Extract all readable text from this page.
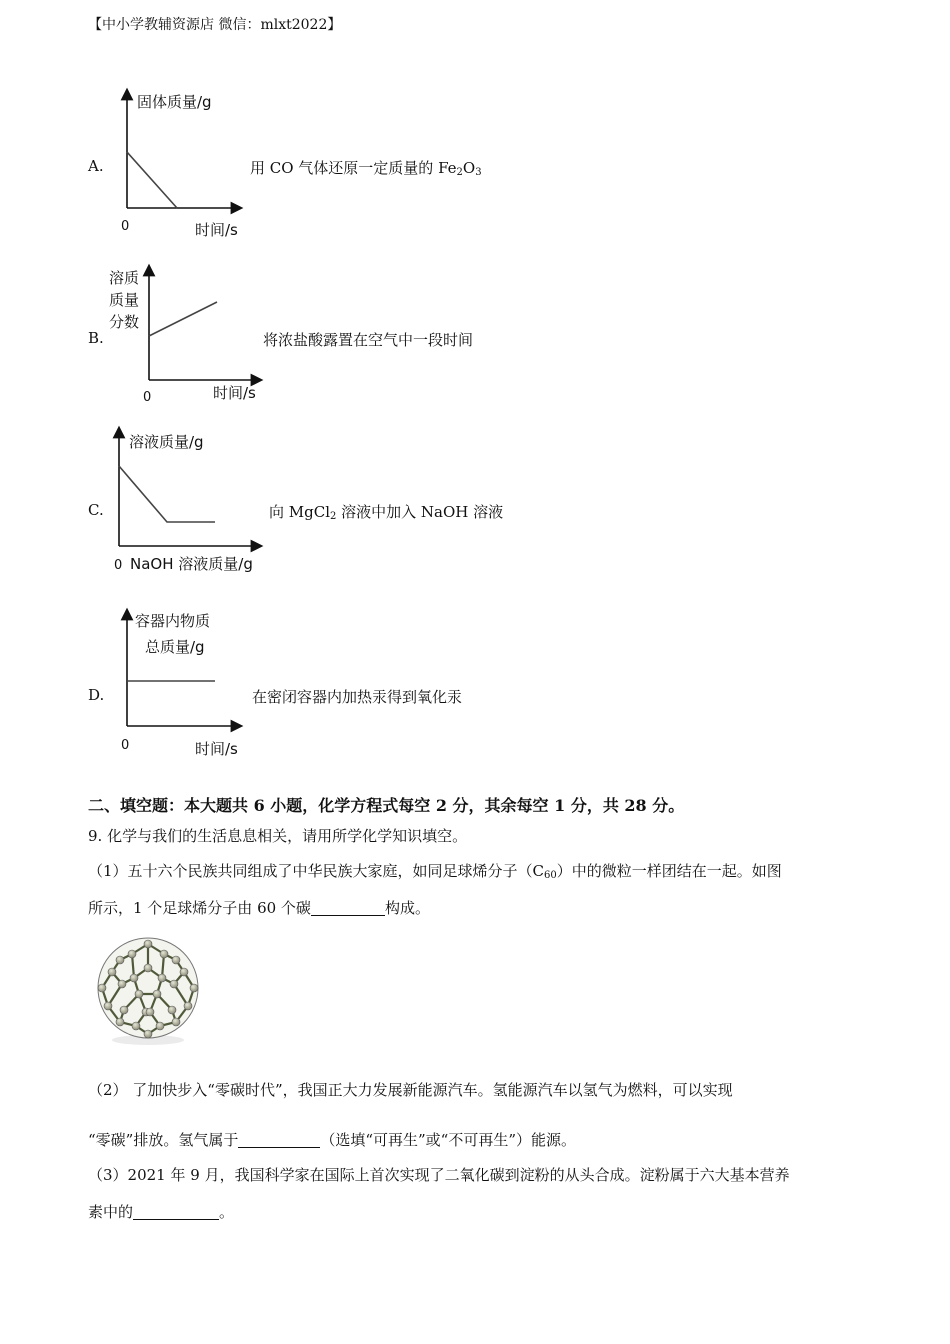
【中小学教辅资源店 微信：mlxt2022】
A.
固体质量/g
0	时间/s
用 CO 气体还原一定质量的 $Fe_2O_3$
B.
溶质
质量
分数
0	时间/s
将浓盐酸露置在空气中一段时间
C.
溶液质量/g
0 NaOH 溶液质量/g
向 MgCl$_2$ 溶液中加入 NaOH 溶液
D.
容器内物质
总质量/g
0	时间/s
在密闭容器内加热汞得到氧化汞
二、填空题：本大题共 6 小题，化学方程式每空 2 分，其余每空 1 分，共 28 分。
9. 化学与我们的生活息息相关，请用所学化学知识填空。
（1）五十六个民族共同组成了中华民族大家庭，如同足球烯分子$(C_{60})$中的微粒一样团结在一起。如图
所示，1 个足球烯分子由 60 个碳	构成。
（2） 了加快步入“零碳时代”，我国正大力发展新能源汽车。氢能源汽车以氢气为燃料，可以实现
“零碳”排放。氢气属于	（选填“可再生”或“不可再生”）能源。
（3）2021 年 9 月，我国科学家在国际上首次实现了二氧化碳到淀粉的从头合成。淀粉属于六大基本营养
素中的	。
